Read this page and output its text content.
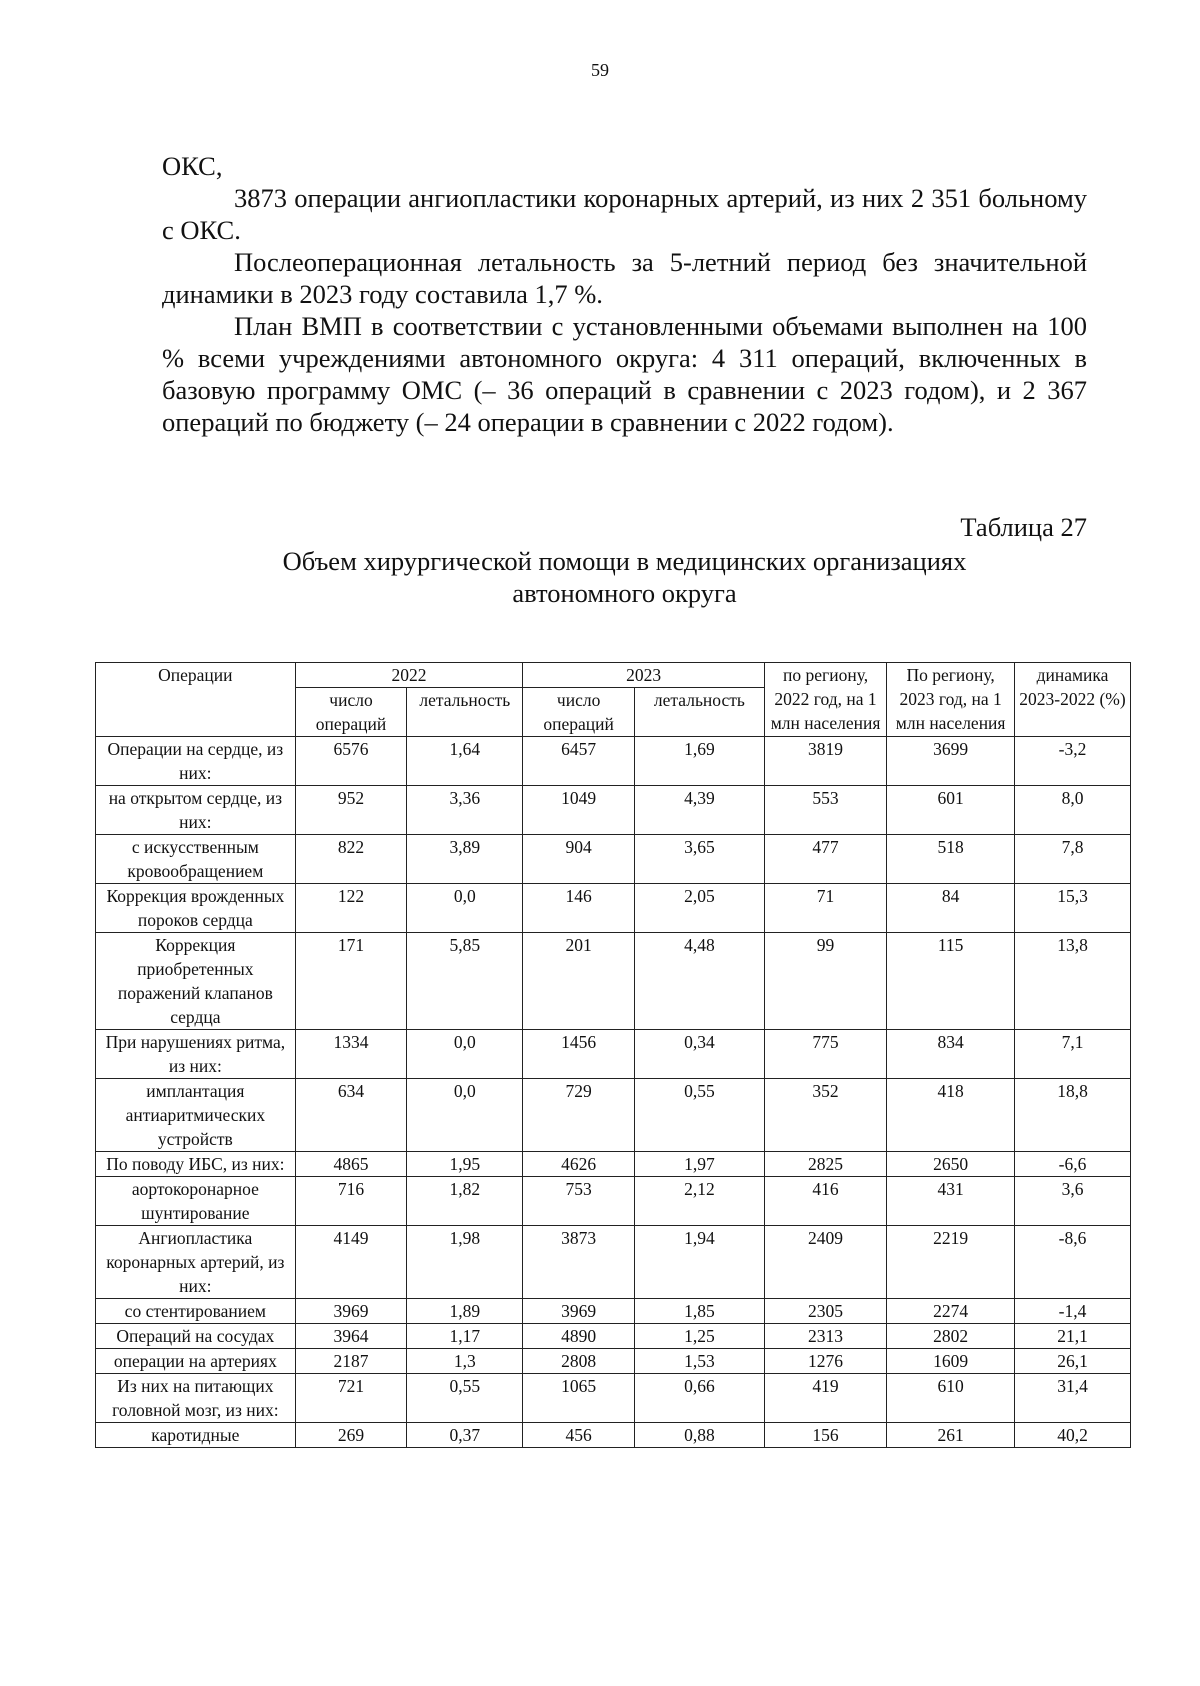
59

ОКС,

3873 операции ангиопластики коронарных артерий, из них 2 351 больному с ОКС.

Послеоперационная летальность за 5-летний период без значительной динамики в 2023 году составила 1,7 %.

План ВМП в соответствии с установленными объемами выполнен на 100 % всеми учреждениями автономного округа: 4 311 операций, включенных в базовую программу ОМС (– 36 операций в сравнении с 2023 годом), и 2 367 операций по бюджету (– 24 операции в сравнении с 2022 годом).

Таблица 27
Объем хирургической помощи в медицинских организациях
автономного округа
Операции	2022		2023		по региону, 2022 год, на 1 млн населения	По региону, 2023 год, на 1 млн населения	динамика 2023-2022 (%)
	число операций	летальность	число операций	летальность			
Операции на сердце, из них:	6576	1,64	6457	1,69	3819	3699	-3,2
на открытом сердце, из них:	952	3,36	1049	4,39	553	601	8,0
с искусственным кровообращением	822	3,89	904	3,65	477	518	7,8
Коррекция врожденных пороков сердца	122	0,0	146	2,05	71	84	15,3
Коррекция приобретенных поражений клапанов сердца	171	5,85	201	4,48	99	115	13,8
При нарушениях ритма, из них:	1334	0,0	1456	0,34	775	834	7,1
имплантация антиаритмических устройств	634	0,0	729	0,55	352	418	18,8
По поводу ИБС, из них:	4865	1,95	4626	1,97	2825	2650	-6,6
аортокоронарное шунтирование	716	1,82	753	2,12	416	431	3,6
Ангиопластика коронарных артерий, из них:	4149	1,98	3873	1,94	2409	2219	-8,6
со стентированием	3969	1,89	3969	1,85	2305	2274	-1,4
Операций на сосудах	3964	1,17	4890	1,25	2313	2802	21,1
операции на артериях	2187	1,3	2808	1,53	1276	1609	26,1
Из них на питающих головной мозг, из них:	721	0,55	1065	0,66	419	610	31,4
каротидные	269	0,37	456	0,88	156	261	40,2
